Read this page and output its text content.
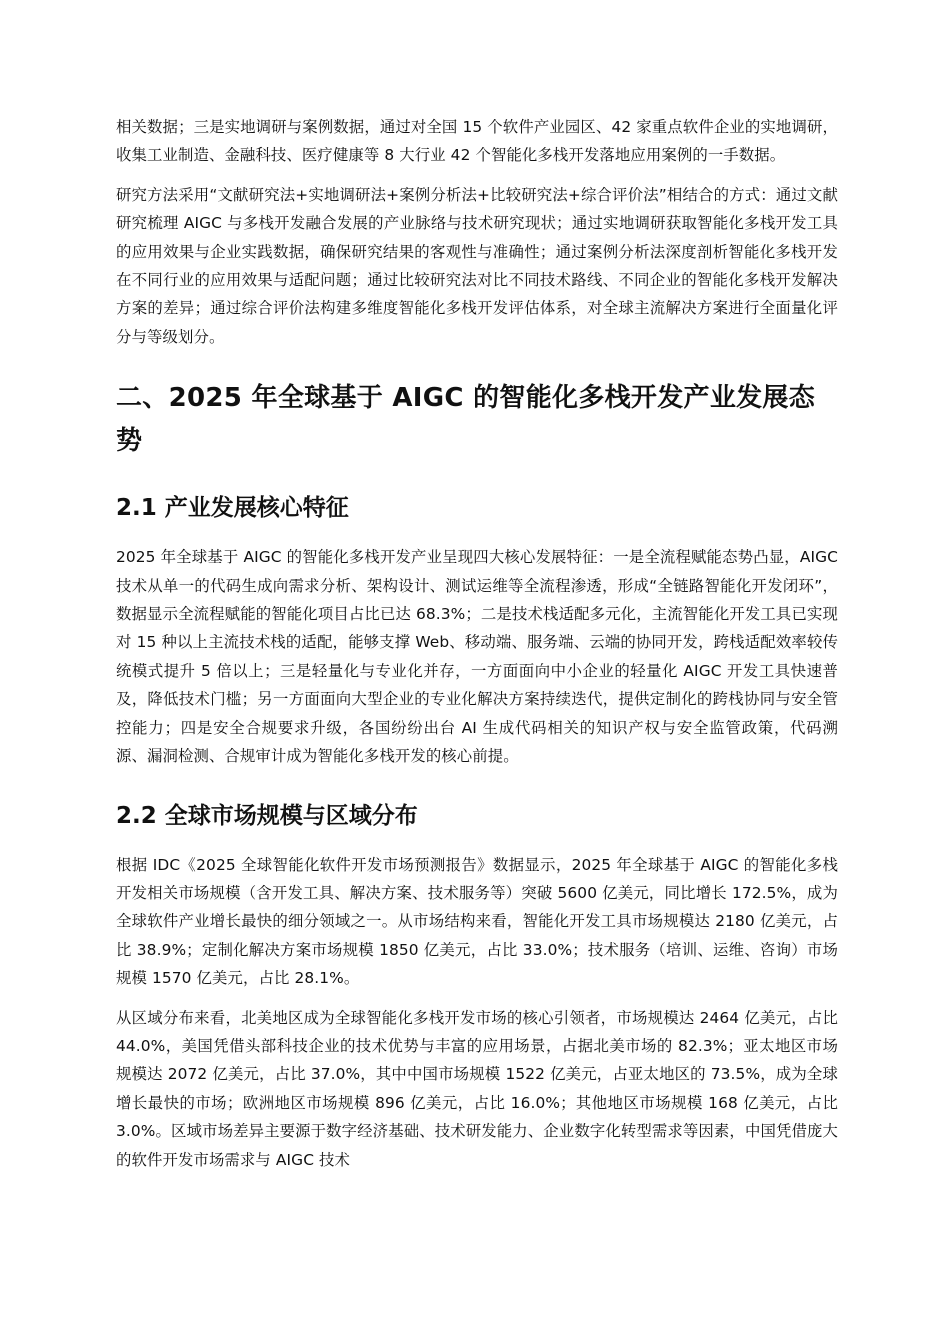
相关数据；三是实地调研与案例数据，通过对全国 15 个软件产业园区、42 家重点软件企业的实地调研，收集工业制造、金融科技、医疗健康等 8 大行业 42 个智能化多栈开发落地应用案例的一手数据。

研究方法采用“文献研究法+实地调研法+案例分析法+比较研究法+综合评价法”相结合的方式：通过文献研究梳理 AIGC 与多栈开发融合发展的产业脉络与技术研究现状；通过实地调研获取智能化多栈开发工具的应用效果与企业实践数据，确保研究结果的客观性与准确性；通过案例分析法深度剖析智能化多栈开发在不同行业的应用效果与适配问题；通过比较研究法对比不同技术路线、不同企业的智能化多栈开发解决方案的差异；通过综合评价法构建多维度智能化多栈开发评估体系，对全球主流解决方案进行全面量化评分与等级划分。

二、2025 年全球基于 AIGC 的智能化多栈开发产业发展态势
2.1 产业发展核心特征

2025 年全球基于 AIGC 的智能化多栈开发产业呈现四大核心发展特征：一是全流程赋能态势凸显，AIGC 技术从单一的代码生成向需求分析、架构设计、测试运维等全流程渗透，形成“全链路智能化开发闭环”，数据显示全流程赋能的智能化项目占比已达 68.3%；二是技术栈适配多元化，主流智能化开发工具已实现对 15 种以上主流技术栈的适配，能够支撑 Web、移动端、服务端、云端的协同开发，跨栈适配效率较传统模式提升 5 倍以上；三是轻量化与专业化并存，一方面面向中小企业的轻量化 AIGC 开发工具快速普及，降低技术门槛；另一方面面向大型企业的专业化解决方案持续迭代，提供定制化的跨栈协同与安全管控能力；四是安全合规要求升级，各国纷纷出台 AI 生成代码相关的知识产权与安全监管政策，代码溯源、漏洞检测、合规审计成为智能化多栈开发的核心前提。

2.2 全球市场规模与区域分布

根据 IDC《2025 全球智能化软件开发市场预测报告》数据显示，2025 年全球基于 AIGC 的智能化多栈开发相关市场规模（含开发工具、解决方案、技术服务等）突破 5600 亿美元，同比增长 172.5%，成为全球软件产业增长最快的细分领域之一。从市场结构来看，智能化开发工具市场规模达 2180 亿美元，占比 38.9%；定制化解决方案市场规模 1850 亿美元，占比 33.0%；技术服务（培训、运维、咨询）市场规模 1570 亿美元，占比 28.1%。

从区域分布来看，北美地区成为全球智能化多栈开发市场的核心引领者，市场规模达 2464 亿美元，占比 44.0%，美国凭借头部科技企业的技术优势与丰富的应用场景，占据北美市场的 82.3%；亚太地区市场规模达 2072 亿美元，占比 37.0%，其中中国市场规模 1522 亿美元，占亚太地区的 73.5%，成为全球增长最快的市场；欧洲地区市场规模 896 亿美元，占比 16.0%；其他地区市场规模 168 亿美元，占比 3.0%。区域市场差异主要源于数字经济基础、技术研发能力、企业数字化转型需求等因素，中国凭借庞大的软件开发市场需求与 AIGC 技术
